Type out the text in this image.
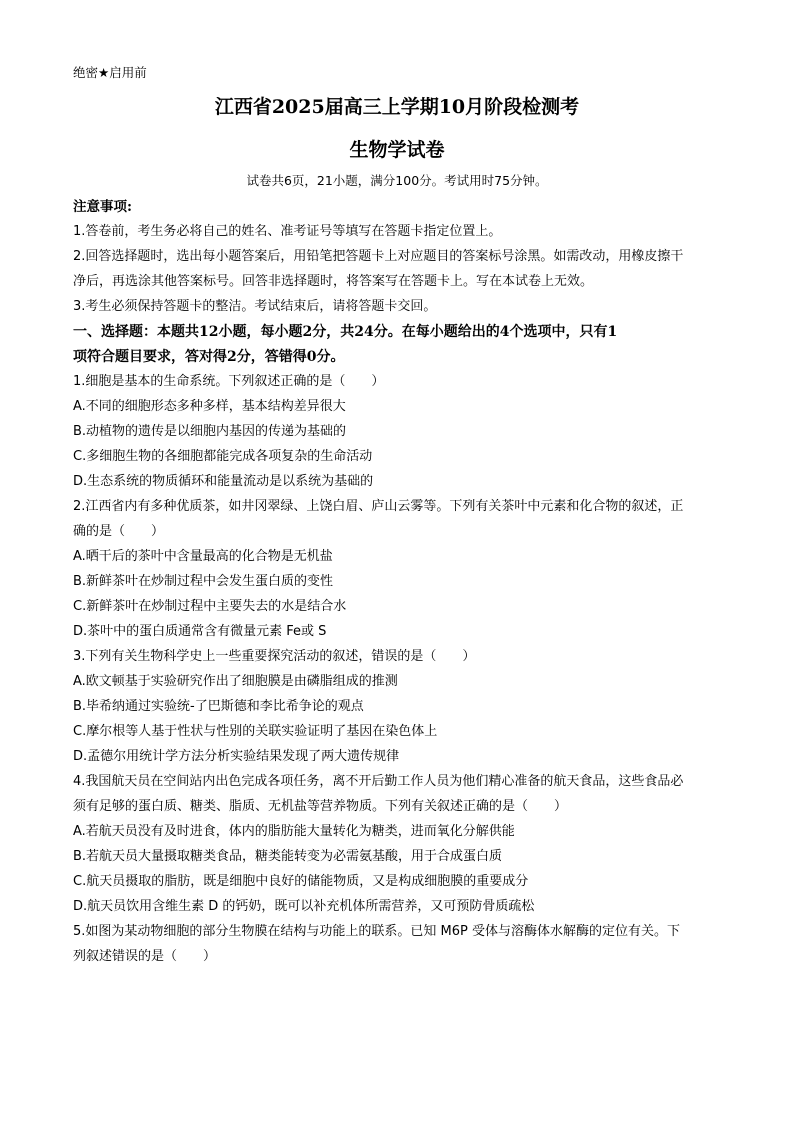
绝密★启用前
江西省2025届高三上学期10月阶段检测考
生物学试卷
试卷共6页，21小题，满分100分。考试用时75分钟。
注意事项:
1.答卷前，考生务必将自己的姓名、准考证号等填写在答题卡指定位置上。
2.回答选择题时，选出每小题答案后，用铅笔把答题卡上对应题目的答案标号涂黑。如需改动，用橡皮擦干
净后，再选涂其他答案标号。回答非选择题时，将答案写在答题卡上。写在本试卷上无效。
3.考生必须保持答题卡的整洁。考试结束后，请将答题卡交回。
一、选择题：本题共12小题，每小题2分，共24分。在每小题给出的4个选项中，只有1
项符合题目要求，答对得2分，答错得0分。
1.细胞是基本的生命系统。下列叙述正确的是（　　）
A.不同的细胞形态多种多样，基本结构差异很大
B.动植物的遗传是以细胞内基因的传递为基础的
C.多细胞生物的各细胞都能完成各项复杂的生命活动
D.生态系统的物质循环和能量流动是以系统为基础的
2.江西省内有多种优质茶，如井冈翠绿、上饶白眉、庐山云雾等。下列有关茶叶中元素和化合物的叙述，正
确的是（　　）
A.晒干后的茶叶中含量最高的化合物是无机盐
B.新鲜茶叶在炒制过程中会发生蛋白质的变性
C.新鲜茶叶在炒制过程中主要失去的水是结合水
D.茶叶中的蛋白质通常含有微量元素 Fe或 S
3.下列有关生物科学史上一些重要探究活动的叙述，错误的是（　　）
A.欧文顿基于实验研究作出了细胞膜是由磷脂组成的推测
B.毕希纳通过实验统-了巴斯德和李比希争论的观点
C.摩尔根等人基于性状与性别的关联实验证明了基因在染色体上
D.孟德尔用统计学方法分析实验结果发现了两大遗传规律
4.我国航天员在空间站内出色完成各项任务，离不开后勤工作人员为他们精心准备的航天食品，这些食品必
须有足够的蛋白质、糖类、脂质、无机盐等营养物质。下列有关叙述正确的是（　　）
A.若航天员没有及时进食，体内的脂肪能大量转化为糖类，进而氧化分解供能
B.若航天员大量摄取糖类食品，糖类能转变为必需氨基酸，用于合成蛋白质
C.航天员摄取的脂肪，既是细胞中良好的储能物质，又是构成细胞膜的重要成分
D.航天员饮用含维生素 D 的钙奶，既可以补充机体所需营养，又可预防骨质疏松
5.如图为某动物细胞的部分生物膜在结构与功能上的联系。已知 M6P 受体与溶酶体水解酶的定位有关。下
列叙述错误的是（　　）
